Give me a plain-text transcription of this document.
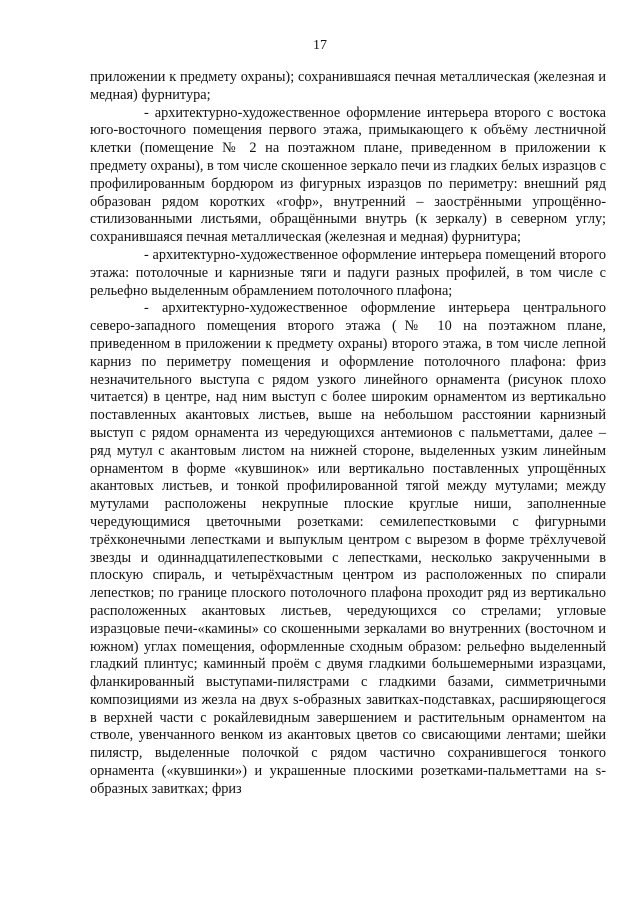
17

приложении к предмету охраны); сохранившаяся печная металлическая (железная и медная) фурнитура;

- архитектурно-художественное оформление интерьера второго с востока юго-восточного помещения первого этажа, примыкающего к объёму лестничной клетки (помещение № 2 на поэтажном плане, приведенном в приложении к предмету охраны), в том числе скошенное зеркало печи из гладких белых изразцов с профилированным бордюром из фигурных изразцов по периметру: внешний ряд образован рядом коротких «гофр», внутренний – заострёнными упрощённо-стилизованными листьями, обращёнными внутрь (к зеркалу) в северном углу; сохранившаяся печная металлическая (железная и медная) фурнитура;

- архитектурно-художественное оформление интерьера помещений второго этажа: потолочные и карнизные тяги и падуги разных профилей, в том числе с рельефно выделенным обрамлением потолочного плафона;

- архитектурно-художественное оформление интерьера центрального северо-западного помещения второго этажа (№ 10 на поэтажном плане, приведенном в приложении к предмету охраны) второго этажа, в том числе лепной карниз по периметру помещения и оформление потолочного плафона: фриз незначительного выступа с рядом узкого линейного орнамента (рисунок плохо читается) в центре, над ним выступ с более широким орнаментом из вертикально поставленных акантовых листьев, выше на небольшом расстоянии карнизный выступ с рядом орнамента из чередующихся антемионов с пальметтами, далее – ряд мутул с акантовым листом на нижней стороне, выделенных узким линейным орнаментом в форме «кувшинок» или вертикально поставленных упрощённых акантовых листьев, и тонкой профилированной тягой между мутулами; между мутулами расположены некрупные плоские круглые ниши, заполненные чередующимися цветочными розетками: семилепестковыми с фигурными трёхконечными лепестками и выпуклым центром с вырезом в форме трёхлучевой звезды и одиннадцатилепестковыми с лепестками, несколько закрученными в плоскую спираль, и четырёхчастным центром из расположенных по спирали лепестков; по границе плоского потолочного плафона проходит ряд из вертикально расположенных акантовых листьев, чередующихся со стрелами; угловые изразцовые печи-«камины» со скошенными зеркалами во внутренних (восточном и южном) углах помещения, оформленные сходным образом: рельефно выделенный гладкий плинтус; каминный проём с двумя гладкими большемерными изразцами, фланкированный выступами-пилястрами с гладкими базами, симметричными композициями из жезла на двух s-образных завитках-подставках, расширяющегося в верхней части с рокайлевидным завершением и растительным орнаментом на стволе, увенчанного венком из акантовых цветов со свисающими лентами; шейки пилястр, выделенные полочкой с рядом частично сохранившегося тонкого орнамента («кувшинки») и украшенные плоскими розетками-пальметтами на s-образных завитках; фриз
